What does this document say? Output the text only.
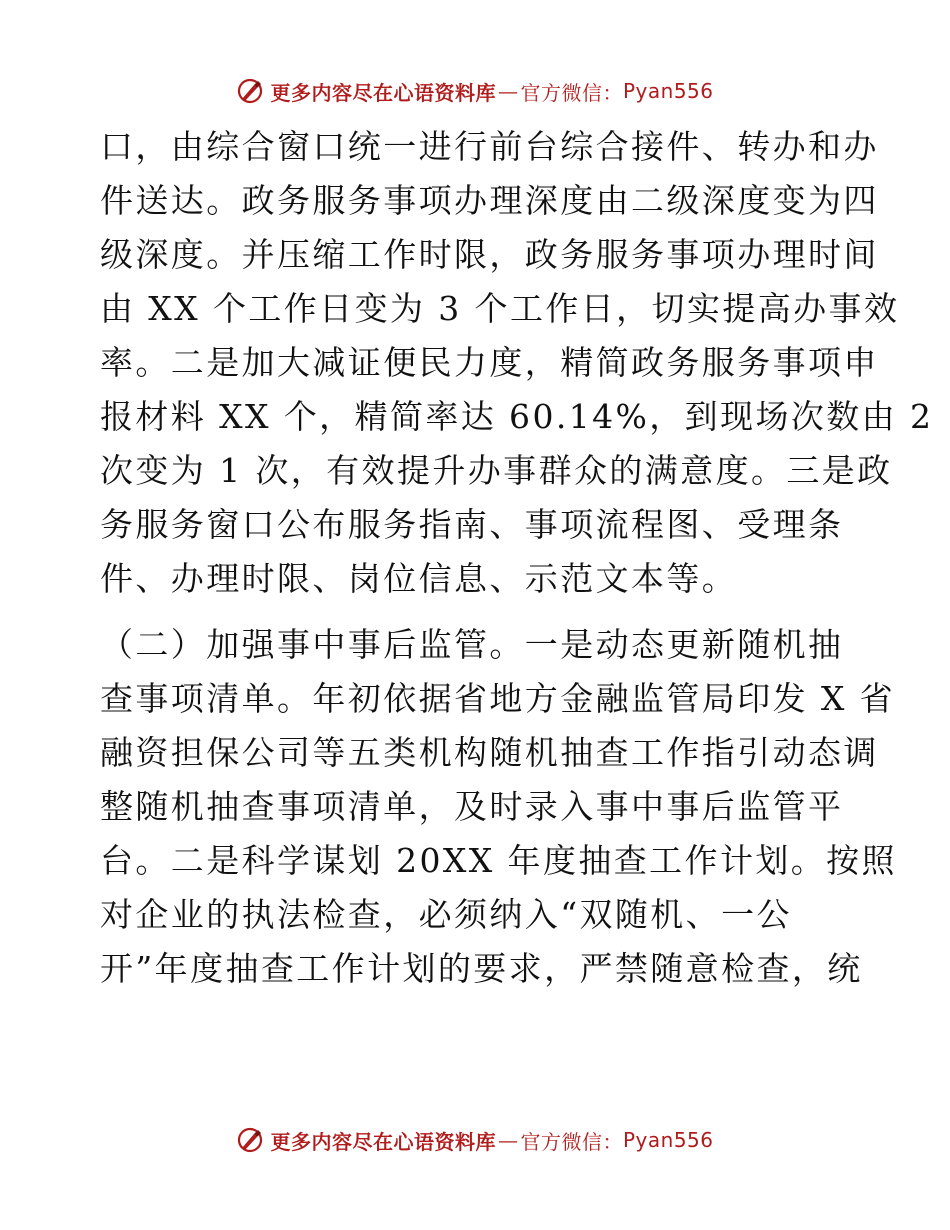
更多内容尽在心语资料库 — 官方微信： Pyan556
口，由综合窗口统一进行前台综合接件、转办和办
件送达。政务服务事项办理深度由二级深度变为四
级深度。并压缩工作时限，政务服务事项办理时间
由 XX 个工作日变为 3 个工作日，切实提高办事效
率。二是加大减证便民力度，精简政务服务事项申
报材料 XX 个，精简率达 60.14%，到现场次数由 2
次变为 1 次，有效提升办事群众的满意度。三是政
务服务窗口公布服务指南、事项流程图、受理条
件、办理时限、岗位信息、示范文本等。
（二）加强事中事后监管。一是动态更新随机抽
查事项清单。年初依据省地方金融监管局印发 X 省
融资担保公司等五类机构随机抽查工作指引动态调
整随机抽查事项清单，及时录入事中事后监管平
台。二是科学谋划 20XX 年度抽查工作计划。按照
对企业的执法检查，必须纳入“双随机、一公
开”年度抽查工作计划的要求，严禁随意检查，统
更多内容尽在心语资料库 — 官方微信： Pyan556
